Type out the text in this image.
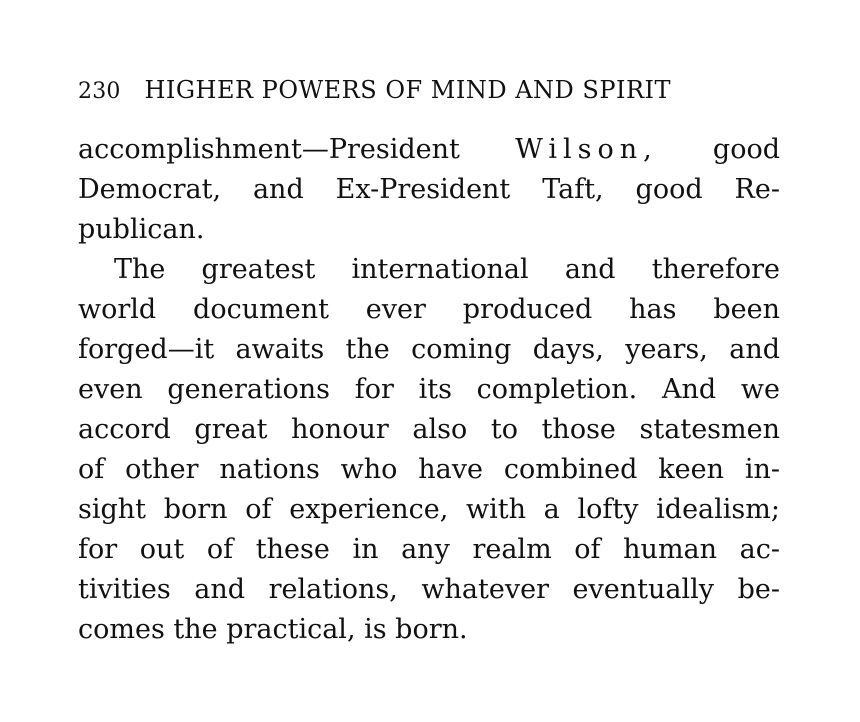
230 HIGHER POWERS OF MIND AND SPIRIT
accomplishment—President Wilson, good
Democrat, and Ex-President Taft, good Re-
publican.
The greatest international and therefore
world document ever produced has been
forged—it awaits the coming days, years, and
even generations for its completion. And we
accord great honour also to those statesmen
of other nations who have combined keen in-
sight born of experience, with a lofty idealism;
for out of these in any realm of human ac-
tivities and relations, whatever eventually be-
comes the practical, is born.
